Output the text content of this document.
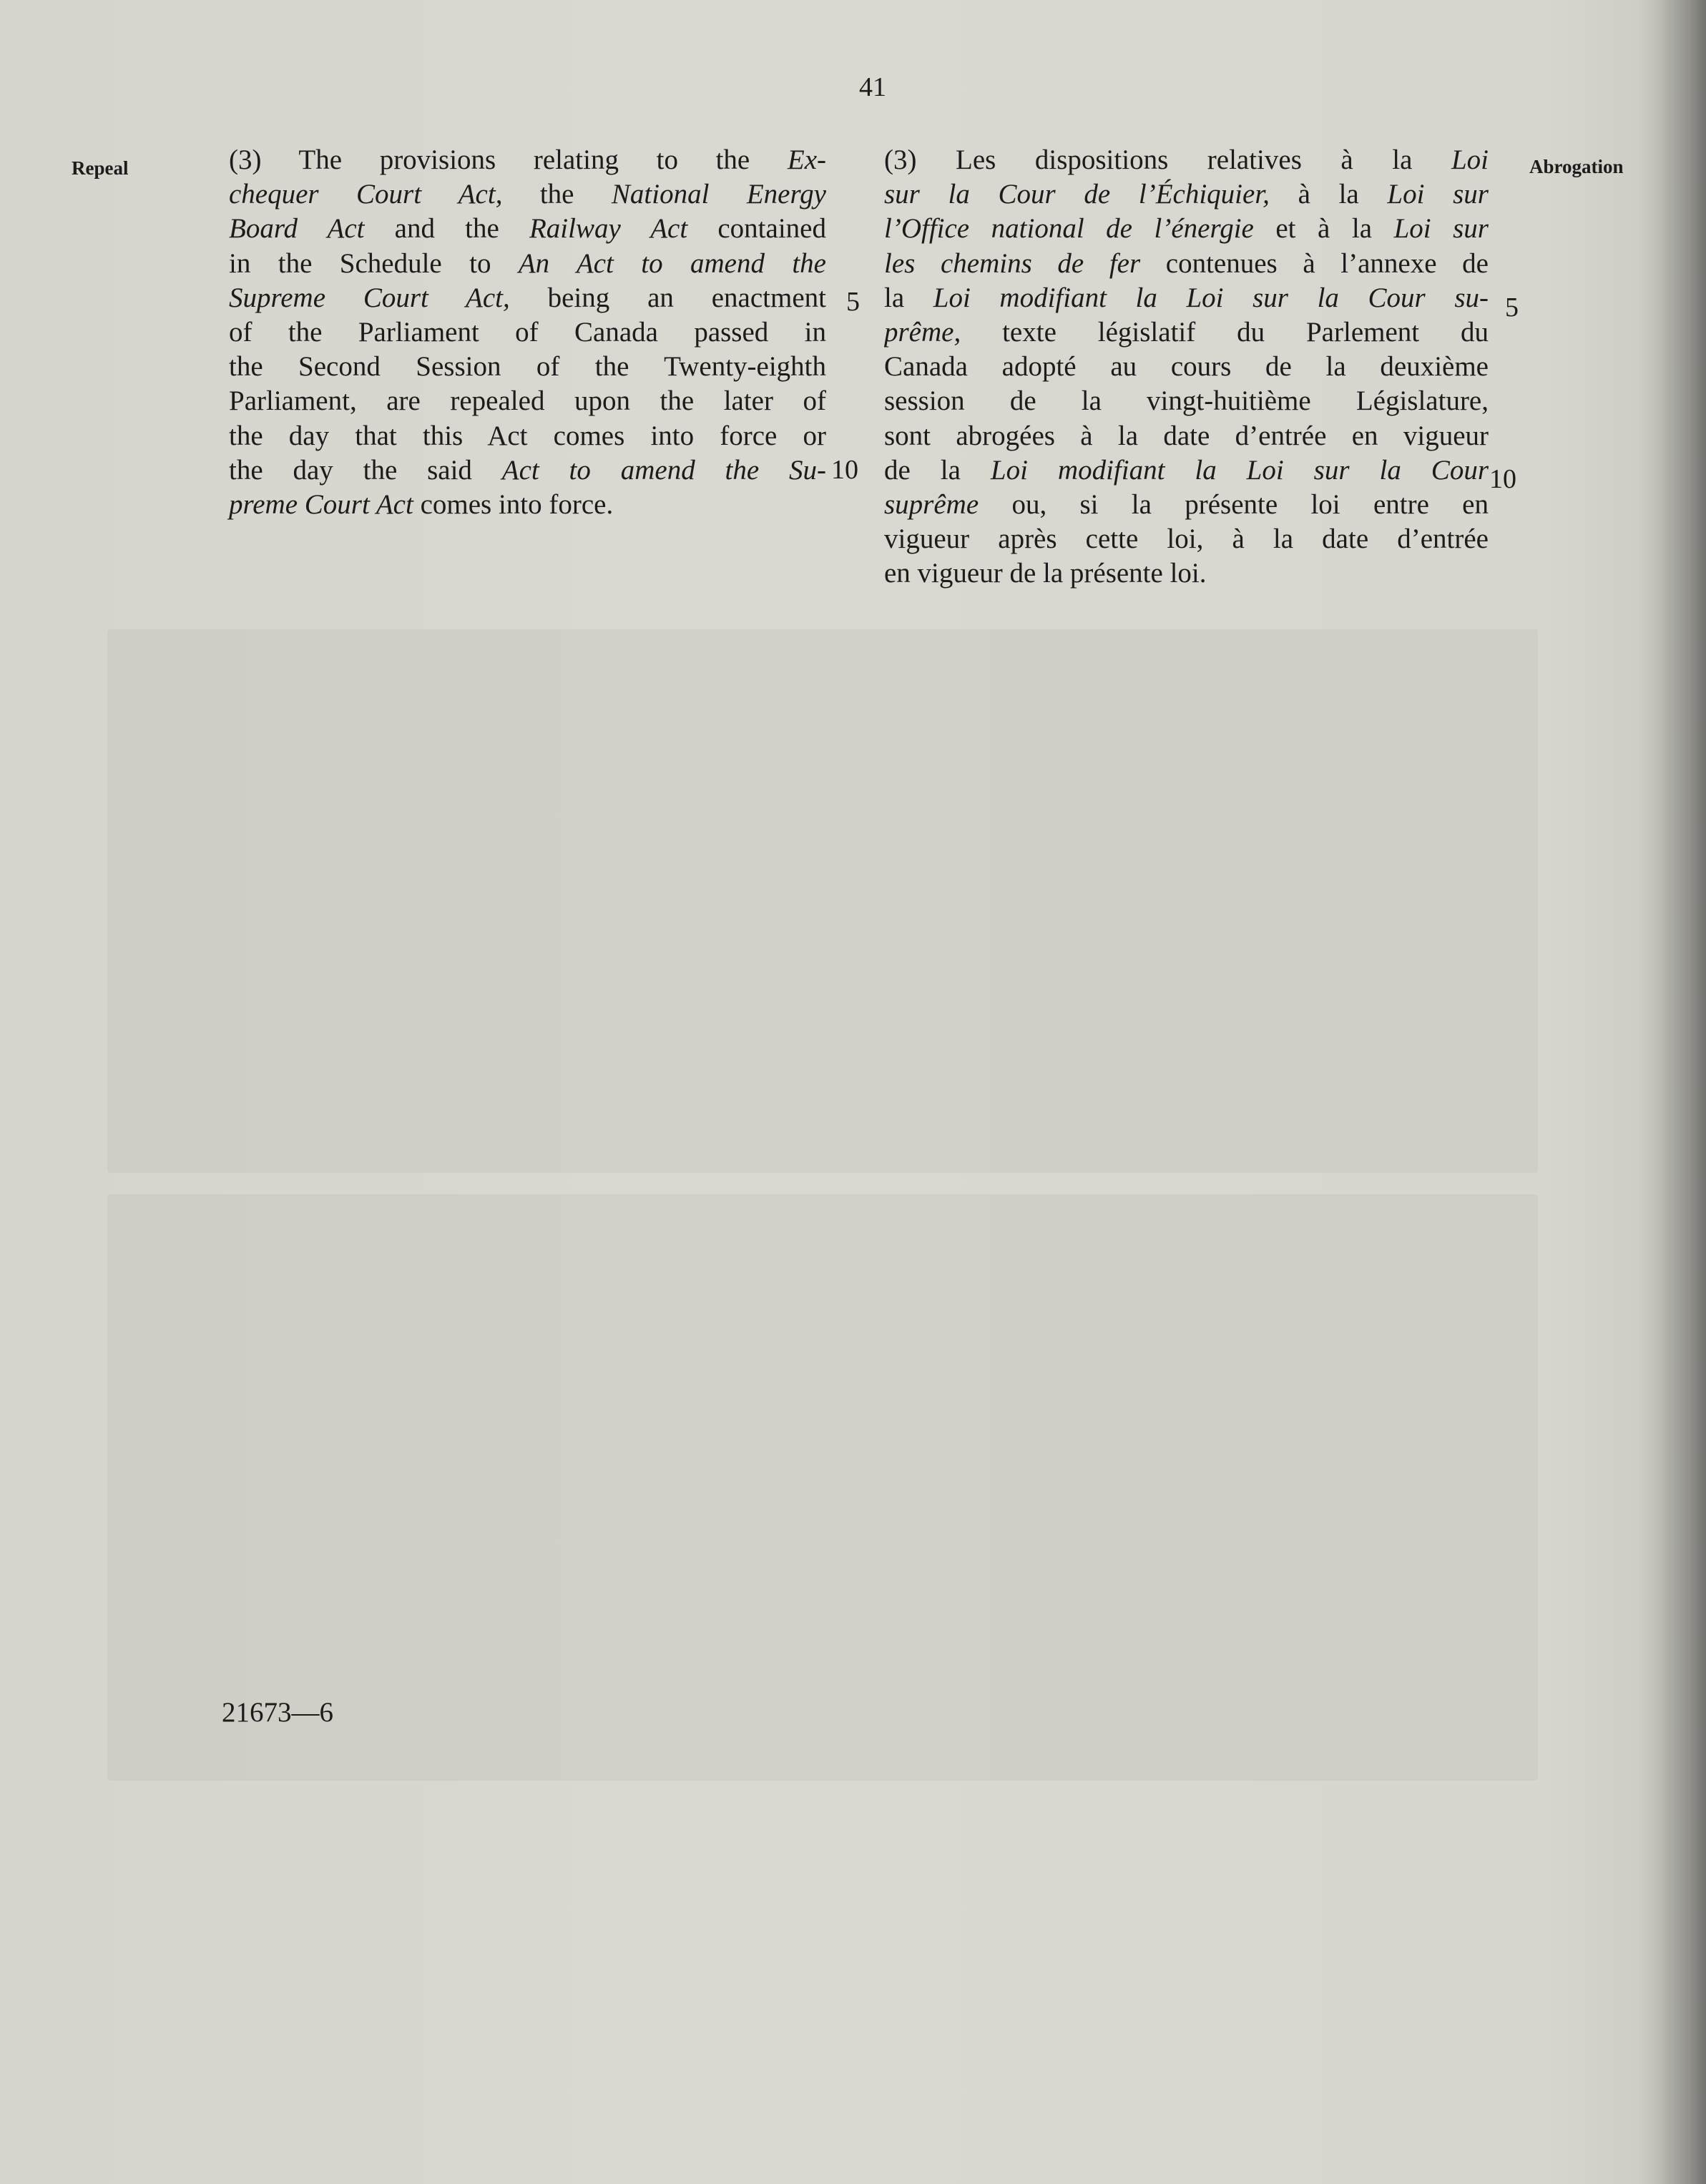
41
Repeal	Abrogation
(3) The provisions relating to the Ex-
chequer Court Act, the National Energy
Board Act and the Railway Act contained
in the Schedule to An Act to amend the
Supreme Court Act, being an enactment
of the Parliament of Canada passed in
the Second Session of the Twenty-eighth
Parliament, are repealed upon the later of
the day that this Act comes into force or
the day the said Act to amend the Su-
preme Court Act comes into force.
(3) Les dispositions relatives à la Loi
sur la Cour de l’Échiquier, à la Loi sur
l’Office national de l’énergie et à la Loi sur
les chemins de fer contenues à l’annexe de
la Loi modifiant la Loi sur la Cour su-
prême, texte législatif du Parlement du
Canada adopté au cours de la deuxième
session de la vingt-huitième Législature,
sont abrogées à la date d’entrée en vigueur
de la Loi modifiant la Loi sur la Cour
suprême ou, si la présente loi entre en
vigueur après cette loi, à la date d’entrée
en vigueur de la présente loi.
5
10
5
10
21673—6
